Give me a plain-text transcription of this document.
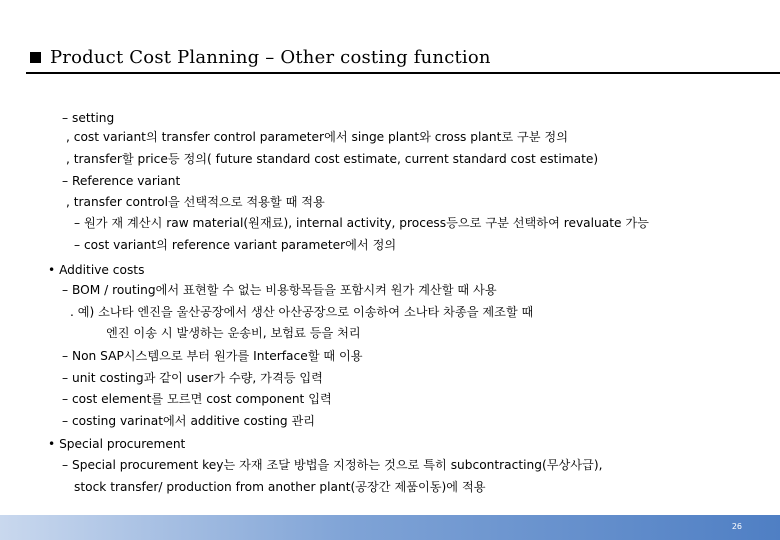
Product Cost Planning – Other costing function
– setting
, cost variant의 transfer control parameter에서 singe plant와 cross plant로 구분 정의
, transfer할 price등 정의( future standard cost estimate, current standard cost estimate)
– Reference variant
, transfer control을 선택적으로 적용할 때 적용
– 원가 재 계산시 raw material(원재료), internal activity, process등으로 구분 선택하여 revaluate 가능
– cost variant의 reference variant parameter에서 정의
• Additive costs
– BOM / routing에서 표현할 수 없는 비용항목들을 포함시켜 원가 계산할 때 사용
. 예) 소나타 엔진을 울산공장에서 생산 아산공장으로 이송하여 소나타 차종을 제조할 때
엔진 이송 시 발생하는 운송비, 보험료 등을 처리
– Non SAP시스템으로 부터 원가를 Interface할 때 이용
– unit costing과 같이 user가 수량, 가격등 입력
– cost element를 모르면 cost component 입력
– costing varinat에서 additive costing 관리
• Special procurement
– Special procurement key는 자재 조달 방법을 지정하는 것으로 특히 subcontracting(무상사급),
stock transfer/ production from another plant(공장간 제품이동)에 적용
26
